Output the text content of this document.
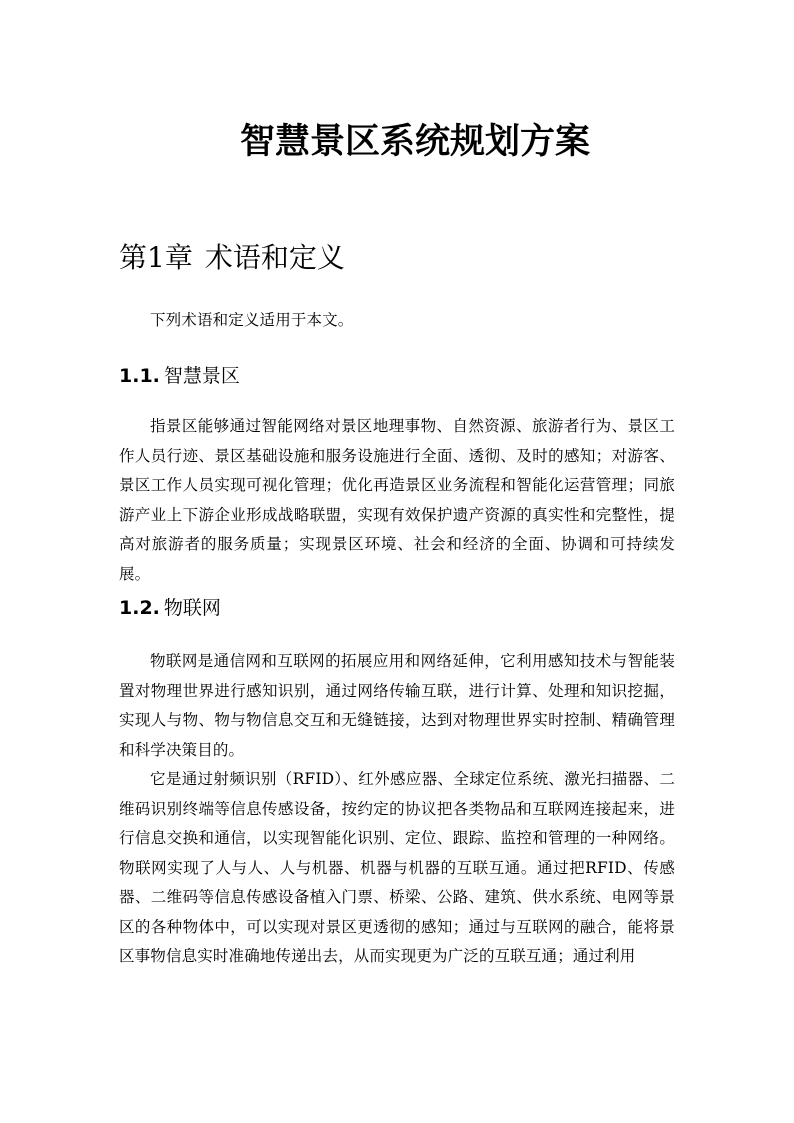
智慧景区系统规划方案
第1章 术语和定义

下列术语和定义适用于本文。

1.1. 智慧景区

指景区能够通过智能网络对景区地理事物、自然资源、旅游者行为、景区工作人员行迹、景区基础设施和服务设施进行全面、透彻、及时的感知；对游客、景区工作人员实现可视化管理；优化再造景区业务流程和智能化运营管理；同旅游产业上下游企业形成战略联盟，实现有效保护遗产资源的真实性和完整性，提高对旅游者的服务质量；实现景区环境、社会和经济的全面、协调和可持续发展。

1.2. 物联网

物联网是通信网和互联网的拓展应用和网络延伸，它利用感知技术与智能装置对物理世界进行感知识别，通过网络传输互联，进行计算、处理和知识挖掘，实现人与物、物与物信息交互和无缝链接，达到对物理世界实时控制、精确管理和科学决策目的。

它是通过射频识别（RFID）、红外感应器、全球定位系统、激光扫描器、二维码识别终端等信息传感设备，按约定的协议把各类物品和互联网连接起来，进行信息交换和通信，以实现智能化识别、定位、跟踪、监控和管理的一种网络。物联网实现了人与人、人与机器、机器与机器的互联互通。通过把RFID、传感器、二维码等信息传感设备植入门票、桥梁、公路、建筑、供水系统、电网等景区的各种物体中，可以实现对景区更透彻的感知；通过与互联网的融合，能将景区事物信息实时准确地传递出去，从而实现更为广泛的互联互通；通过利用
